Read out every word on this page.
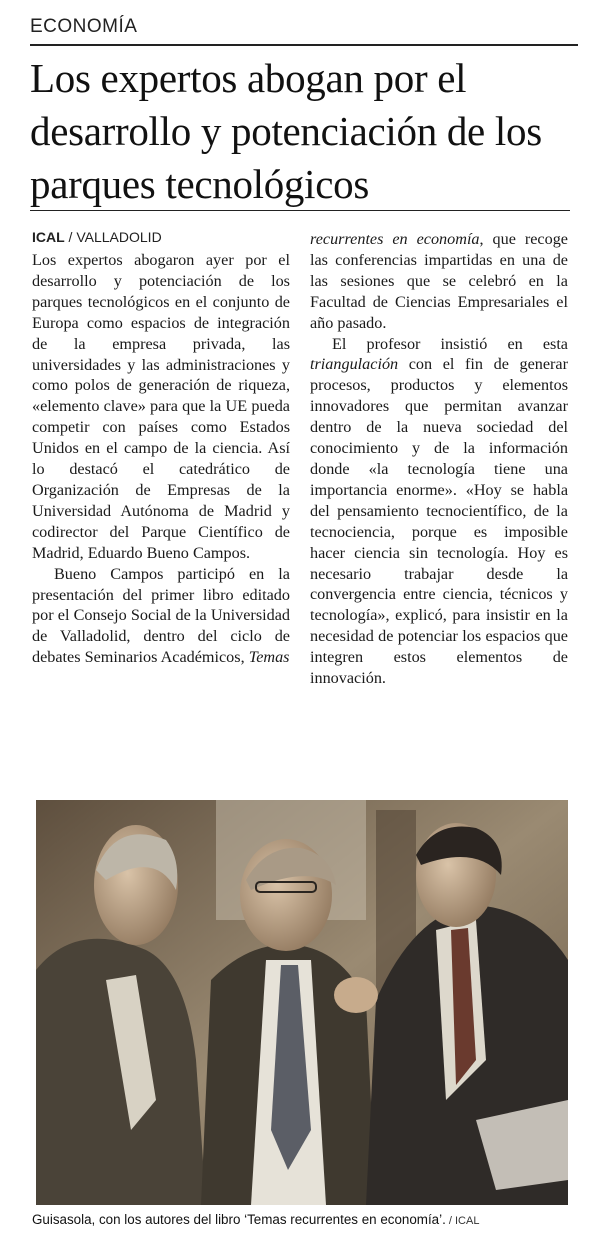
ECONOMÍA
Los expertos abogan por el desarrollo y potenciación de los parques tecnológicos
ICAL / VALLADOLID

Los expertos abogaron ayer por el desarrollo y potenciación de los parques tecnológicos en el conjunto de Europa como espacios de integración de la empresa privada, las universidades y las administraciones y como polos de generación de riqueza, «elemento clave» para que la UE pueda competir con países como Estados Unidos en el campo de la ciencia. Así lo destacó el catedrático de Organización de Empresas de la Universidad Autónoma de Madrid y codirector del Parque Científico de Madrid, Eduardo Bueno Campos.

Bueno Campos participó en la presentación del primer libro editado por el Consejo Social de la Universidad de Valladolid, dentro del ciclo de debates Seminarios Académicos, Temas

recurrentes en economía, que recoge las conferencias impartidas en una de las sesiones que se celebró en la Facultad de Ciencias Empresariales el año pasado.

El profesor insistió en esta triangulación con el fin de generar procesos, productos y elementos innovadores que permitan avanzar dentro de la nueva sociedad del conocimiento y de la información donde «la tecnología tiene una importancia enorme». «Hoy se habla del pensamiento tecnocientífico, de la tecnociencia, porque es imposible hacer ciencia sin tecnología. Hoy es necesario trabajar desde la convergencia entre ciencia, técnicos y tecnología», explicó, para insistir en la necesidad de potenciar los espacios que integren estos elementos de innovación.

Guisasola, con los autores del libro ‘Temas recurrentes en economía’. / ICAL
